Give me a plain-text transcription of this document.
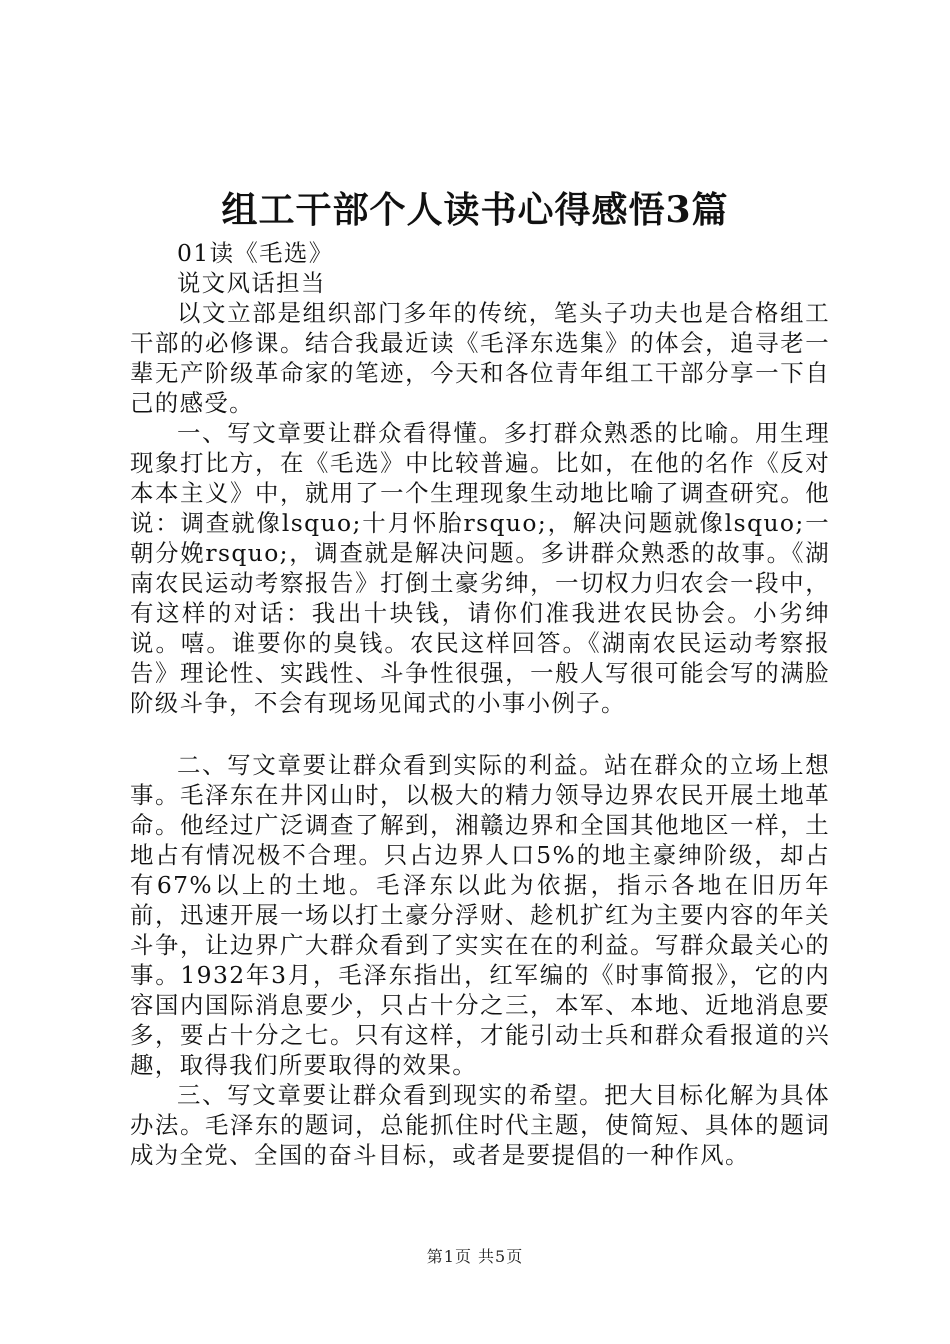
组工干部个人读书心得感悟3篇

01读《毛选》

说文风话担当

以文立部是组织部门多年的传统，笔头子功夫也是合格组工干部的必修课。结合我最近读《毛泽东选集》的体会，追寻老一辈无产阶级革命家的笔迹，今天和各位青年组工干部分享一下自己的感受。

一、写文章要让群众看得懂。多打群众熟悉的比喻。用生理现象打比方，在《毛选》中比较普遍。比如，在他的名作《反对本本主义》中，就用了一个生理现象生动地比喻了调查研究。他说：调查就像lsquo;十月怀胎rsquo;，解决问题就像lsquo;一朝分娩rsquo;，调查就是解决问题。多讲群众熟悉的故事。《湖南农民运动考察报告》打倒土豪劣绅，一切权力归农会一段中，有这样的对话：我出十块钱，请你们准我进农民协会。小劣绅说。嘻。谁要你的臭钱。农民这样回答。《湖南农民运动考察报告》理论性、实践性、斗争性很强，一般人写很可能会写的满脸阶级斗争，不会有现场见闻式的小事小例子。

二、写文章要让群众看到实际的利益。站在群众的立场上想事。毛泽东在井冈山时，以极大的精力领导边界农民开展土地革命。他经过广泛调查了解到，湘赣边界和全国其他地区一样，土地占有情况极不合理。只占边界人口5%的地主豪绅阶级，却占有67%以上的土地。毛泽东以此为依据，指示各地在旧历年前，迅速开展一场以打土豪分浮财、趁机扩红为主要内容的年关斗争，让边界广大群众看到了实实在在的利益。写群众最关心的事。1932年3月，毛泽东指出，红军编的《时事简报》，它的内容国内国际消息要少，只占十分之三，本军、本地、近地消息要多，要占十分之七。只有这样，才能引动士兵和群众看报道的兴趣，取得我们所要取得的效果。

三、写文章要让群众看到现实的希望。把大目标化解为具体办法。毛泽东的题词，总能抓住时代主题，使简短、具体的题词成为全党、全国的奋斗目标，或者是要提倡的一种作风。

第1页 共5页
